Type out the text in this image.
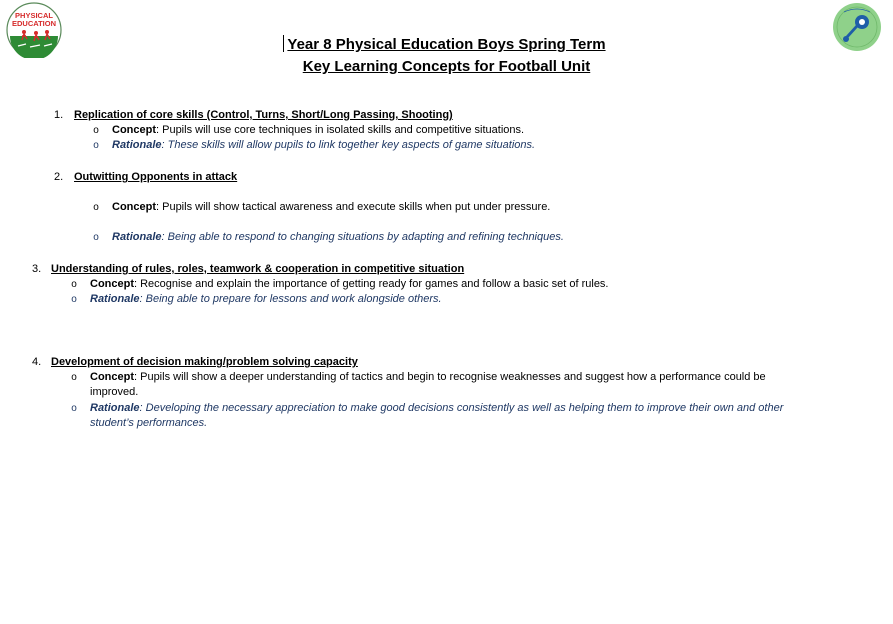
PHYSICAL
EDUCATION
Year 8 Physical Education Boys Spring Term
Key Learning Concepts for Football Unit
1. Replication of core skills (Control, Turns, Short/Long Passing, Shooting)
o Concept: Pupils will use core techniques in isolated skills and competitive situations.
o Rationale: These skills will allow pupils to link together key aspects of game situations.
2. Outwitting Opponents in attack
o Concept: Pupils will show tactical awareness and execute skills when put under pressure.
o Rationale: Being able to respond to changing situations by adapting and refining techniques.
3. Understanding of rules, roles, teamwork & cooperation in competitive situation
o Concept: Recognise and explain the importance of getting ready for games and follow a basic set of rules.
o Rationale: Being able to prepare for lessons and work alongside others.
4. Development of decision making/problem solving capacity
o Concept: Pupils will show a deeper understanding of tactics and begin to recognise weaknesses and suggest how a performance could be
improved.
o Rationale: Developing the necessary appreciation to make good decisions consistently as well as helping them to improve their own and other
student’s performances.
